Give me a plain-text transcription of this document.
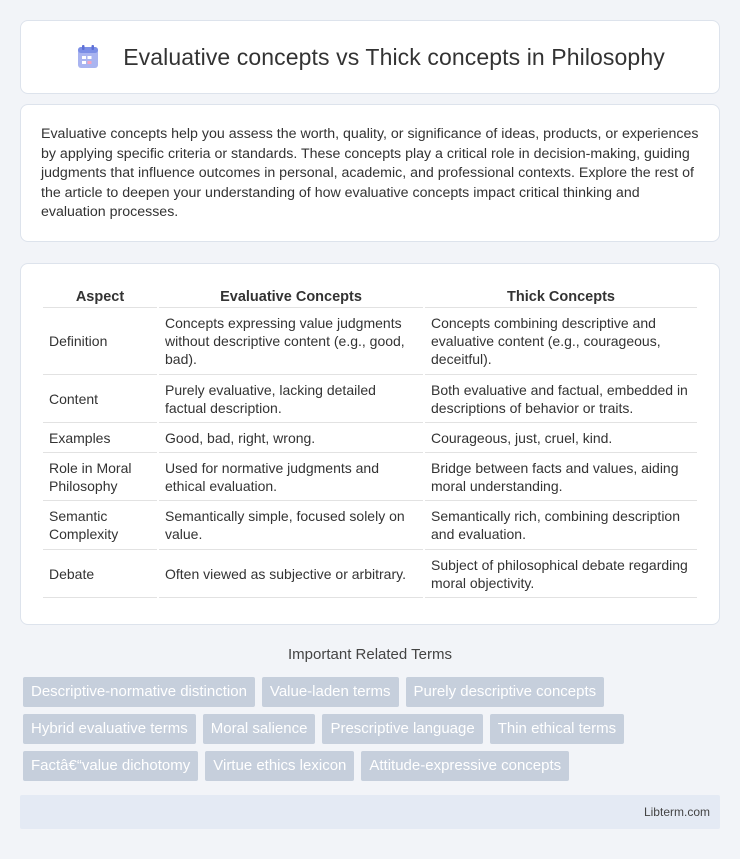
Evaluative concepts vs Thick concepts in Philosophy

Evaluative concepts help you assess the worth, quality, or significance of ideas, products, or experiences by applying specific criteria or standards. These concepts play a critical role in decision-making, guiding judgments that influence outcomes in personal, academic, and professional contexts. Explore the rest of the article to deepen your understanding of how evaluative concepts impact critical thinking and evaluation processes.

Aspect	Evaluative Concepts	Thick Concepts
Definition	Concepts expressing value judgments without descriptive content (e.g., good, bad).	Concepts combining descriptive and evaluative content (e.g., courageous, deceitful).
Content	Purely evaluative, lacking detailed factual description.	Both evaluative and factual, embedded in descriptions of behavior or traits.
Examples	Good, bad, right, wrong.	Courageous, just, cruel, kind.
Role in Moral Philosophy	Used for normative judgments and ethical evaluation.	Bridge between facts and values, aiding moral understanding.
Semantic Complexity	Semantically simple, focused solely on value.	Semantically rich, combining description and evaluation.
Debate	Often viewed as subjective or arbitrary.	Subject of philosophical debate regarding moral objectivity.
Important Related Terms
Descriptive-normative distinction	Value-laden terms	Purely descriptive concepts
Hybrid evaluative terms	Moral salience	Prescriptive language	Thin ethical terms
Factâ€“value dichotomy	Virtue ethics lexicon	Attitude-expressive concepts
Libterm.com
